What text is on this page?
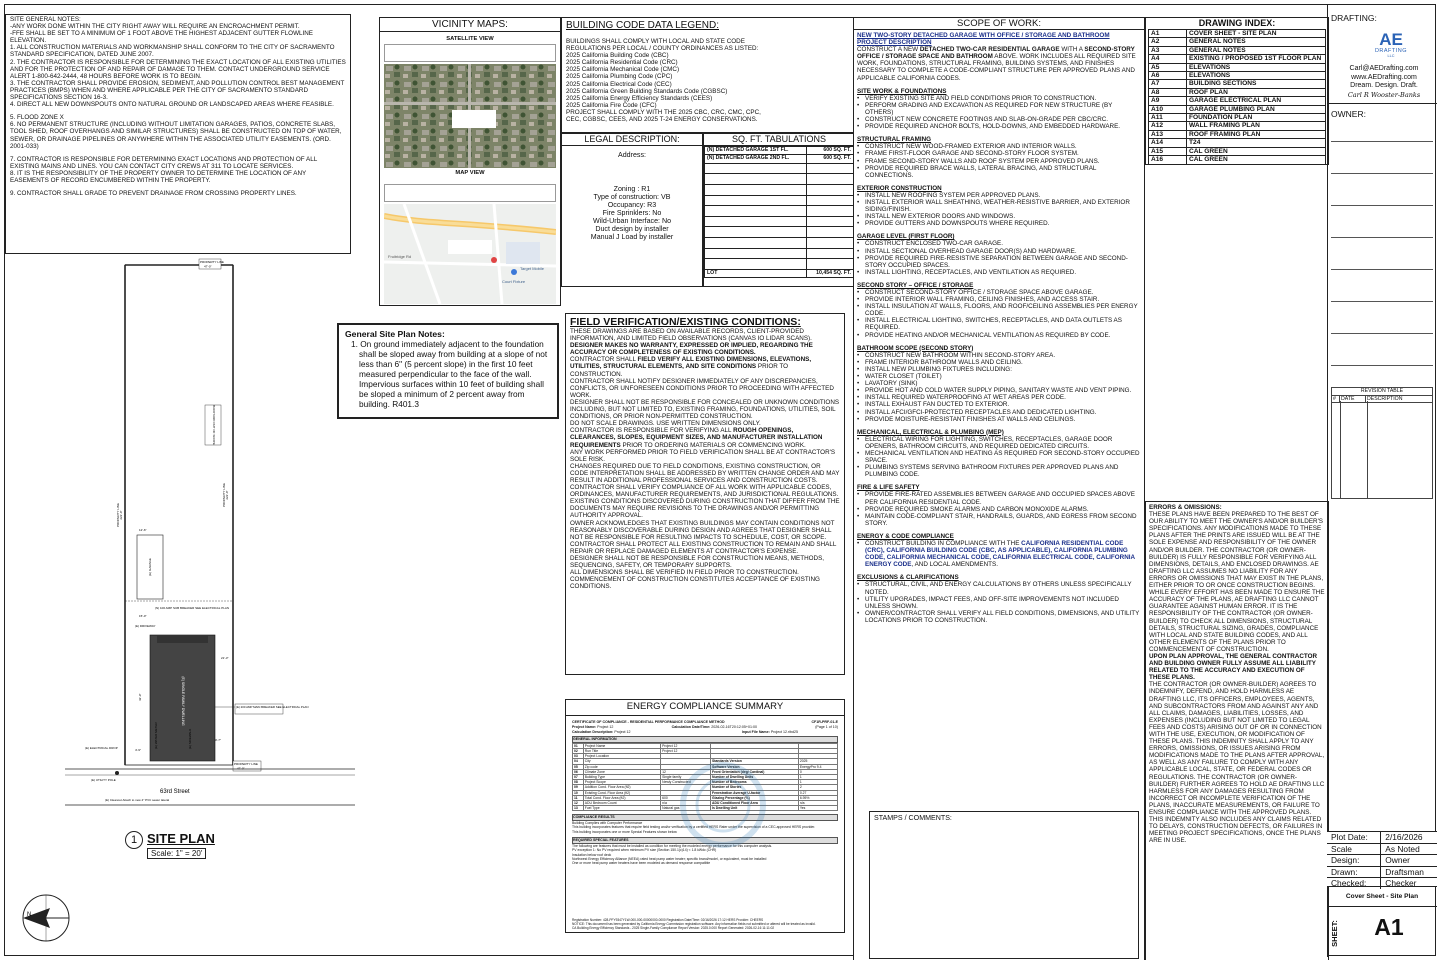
SITE GENERAL NOTES:
-ANY WORK DONE WITHIN THE CITY RIGHT AWAY WILL REQUIRE AN ENCROACHMENT PERMIT.
-FFE SHALL BE SET TO A MINIMUM OF 1 FOOT ABOVE THE HIGHEST ADJACENT GUTTER FLOWLINE ELEVATION.
1. ALL CONSTRUCTION MATERIALS AND WORKMANSHIP SHALL CONFORM TO THE CITY OF SACRAMENTO STANDARD SPECIFICATION, DATED JUNE 2007.
2. THE CONTRACTOR IS RESPONSIBLE FOR DETERMINING THE EXACT LOCATION OF ALL EXISTING UTILITIES AND FOR THE PROTECTION OF AND REPAIR OF DAMAGE TO THEM. CONTACT UNDERGROUND SERVICE ALERT 1-800-642-2444, 48 HOURS BEFORE WORK IS TO BEGIN.
3. THE CONTRACTOR SHALL PROVIDE EROSION, SEDIMENT, AND POLLUTION CONTROL BEST MANAGEMENT PRACTICES (BMPS) WHEN AND WHERE APPLICABLE PER THE CITY OF SACRAMENTO STANDARD SPECIFICATIONS SECTION 16-3.
4. DIRECT ALL NEW DOWNSPOUTS ONTO NATURAL GROUND OR LANDSCAPED AREAS WHERE FEASIBLE.
5. FLOOD ZONE X
6. NO PERMANENT STRUCTURE (INCLUDING WITHOUT LIMITATION GARAGES, PATIOS, CONCRETE SLABS, TOOL SHED, ROOF OVERHANGS AND SIMILAR STRUCTURES) SHALL BE CONSTRUCTED ON TOP OF WATER, SEWER, OR DRAINAGE PIPELINES OR ANYWHERE WITHIN THE ASSOCIATED UTILITY EASEMENTS. (ORD. 2001-033)
7. CONTRACTOR IS RESPONSIBLE FOR DETERMINING EXACT LOCATIONS AND PROTECTION OF ALL EXISTING MAINS AND LINES. YOU CAN CONTACT CITY CREWS AT 311 TO LOCATE SERVICES.
8. IT IS THE RESPONSIBILITY OF THE PROPERTY OWNER TO DETERMINE THE LOCATION OF ANY EASEMENTS OF RECORD ENCUMBERED WITHIN THE PROPERTY.
9. CONTRACTOR SHALL GRADE TO PREVENT DRAINAGE FROM CROSSING PROPERTY LINES.
VICINITY MAPS:
SATELLITE VIEW
MAP VIEW
Court Fixture
Target Mobile
Fruitridge Rd
BUILDING CODE DATA LEGEND:
BUILDINGS SHALL COMPLY WITH LOCAL AND STATE CODE
REGULATIONS PER LOCAL / COUNTY ORDINANCES AS LISTED:
2025 California Building Code (CBC)
2025 California Residential Code (CRC)
2025 California Mechanical Code (CMC)
2025 California Plumbing Code (CPC)
2025 California Electrical Code (CEC)
2025 California Green Building Standards Code (CGBSC)
2025 California Energy Efficiency Standards (CEES)
2025 California Fire Code (CFC)
PROJECT SHALL COMPLY WITH THE 2025 CBC, CRC, CMC, CPC,
CEC, CGBSC, CEES, AND 2025 T-24 ENERGY CONSERVATIONS.
LEGAL DESCRIPTION:
Address:
Zoning : R1
Type of construction: VB
Occupancy: R3
Fire Sprinklers: No
Wild-Urban Interface: No
Duct design by installer
Manual J Load by installer
SQ. FT. TABULATIONS
(N) DETACHED GARAGE 1ST FL.	600 SQ. FT.
(N) DETACHED GARAGE 2ND FL.	600 SQ. FT.

LOT	10,454 SQ. FT.
General Site Plan Notes:
1. On ground immediately adjacent to the foundation shall be sloped away from building at a slope of not less than 6" (5 percent slope) in the first 10 feet measured perpendicular to the face of the wall. Impervious surfaces within 10 feet of building shall be sloped a minimum of 2 percent away from building. R401.3
FIELD VERIFICATION/EXISTING CONDITIONS:
THESE DRAWINGS ARE BASED ON AVAILABLE RECORDS, CLIENT-PROVIDED INFORMATION, AND LIMITED FIELD OBSERVATIONS (CANVAS IO LIDAR SCANS).
DESIGNER MAKES NO WARRANTY, EXPRESSED OR IMPLIED, REGARDING THE ACCURACY OR COMPLETENESS OF EXISTING CONDITIONS.
CONTRACTOR SHALL FIELD VERIFY ALL EXISTING DIMENSIONS, ELEVATIONS, UTILITIES, STRUCTURAL ELEMENTS, AND SITE CONDITIONS PRIOR TO CONSTRUCTION.
CONTRACTOR SHALL NOTIFY DESIGNER IMMEDIATELY OF ANY DISCREPANCIES, CONFLICTS, OR UNFORESEEN CONDITIONS PRIOR TO PROCEEDING WITH AFFECTED WORK.
DESIGNER SHALL NOT BE RESPONSIBLE FOR CONCEALED OR UNKNOWN CONDITIONS INCLUDING, BUT NOT LIMITED TO, EXISTING FRAMING, FOUNDATIONS, UTILITIES, SOIL CONDITIONS, OR PRIOR NON-PERMITTED CONSTRUCTION.
DO NOT SCALE DRAWINGS. USE WRITTEN DIMENSIONS ONLY.
CONTRACTOR IS RESPONSIBLE FOR VERIFYING ALL ROUGH OPENINGS, CLEARANCES, SLOPES, EQUIPMENT SIZES, AND MANUFACTURER INSTALLATION REQUIREMENTS PRIOR TO ORDERING MATERIALS OR COMMENCING WORK.
ANY WORK PERFORMED PRIOR TO FIELD VERIFICATION SHALL BE AT CONTRACTOR'S SOLE RISK.
CHANGES REQUIRED DUE TO FIELD CONDITIONS, EXISTING CONSTRUCTION, OR CODE INTERPRETATION SHALL BE ADDRESSED BY WRITTEN CHANGE ORDER AND MAY RESULT IN ADDITIONAL PROFESSIONAL SERVICES AND CONSTRUCTION COSTS.
CONTRACTOR SHALL VERIFY COMPLIANCE OF ALL WORK WITH APPLICABLE CODES, ORDINANCES, MANUFACTURER REQUIREMENTS, AND JURISDICTIONAL REGULATIONS.
EXISTING CONDITIONS DISCOVERED DURING CONSTRUCTION THAT DIFFER FROM THE DOCUMENTS MAY REQUIRE REVISIONS TO THE DRAWINGS AND/OR PERMITTING AUTHORITY APPROVAL.
OWNER ACKNOWLEDGES THAT EXISTING BUILDINGS MAY CONTAIN CONDITIONS NOT REASONABLY DISCOVERABLE DURING DESIGN AND AGREES THAT DESIGNER SHALL NOT BE RESPONSIBLE FOR RESULTING IMPACTS TO SCHEDULE, COST, OR SCOPE.
CONTRACTOR SHALL PROTECT ALL EXISTING CONSTRUCTION TO REMAIN AND SHALL REPAIR OR REPLACE DAMAGED ELEMENTS AT CONTRACTOR'S EXPENSE.
DESIGNER SHALL NOT BE RESPONSIBLE FOR CONSTRUCTION MEANS, METHODS, SEQUENCING, SAFETY, OR TEMPORARY SUPPORTS.
ALL DIMENSIONS SHALL BE VERIFIED IN FIELD PRIOR TO CONSTRUCTION.
COMMENCEMENT OF CONSTRUCTION CONSTITUTES ACCEPTANCE OF EXISTING CONDITIONS.
ENERGY COMPLIANCE SUMMARY
CERTIFICATE OF COMPLIANCE - RESIDENTIAL PERFORMANCE COMPLIANCE METHOD	CF1R-PRF-01-E
Project Name: Project 12	Calculation Date/Time: 2026-02-16T20:12:05+01:00	(Page 1 of 10)
Calculation Description: Project 12	Input File Name: Project 12.ribd25
GENERAL INFORMATION
01	Project Name	Project 12		
02	Run Title	Project 12		
03	Project Location			
04	City		Standards Version	2025
05	Zip code		Software Version	EnergyPro 9.4
06	Climate Zone	12	Front Orientation (deg/ Cardinal)	0
07	Building Type	Single family	Number of Dwelling Units	1
08	Project Scope	Newly Constructed	Number of Bedrooms	1
09	Addition Cond. Floor Area (ft2)		Number of Stories	2
10	Existing Cond. Floor Area (ft2)		Fenestration Average U-factor	0.27
11	Total Cond. Floor Area (ft2)	600	Glazing Percentage (%)	6.95%
12	ADU Bedroom Count	n/a	ADU Conditioned Floor Area	n/a
13	Fuel Type	Natural gas	Is Dwelling Unit	Yes
COMPLIANCE RESULTS
Building Complies with Computer Performance
This building incorporates features that require field testing and/or verification by a certified HERS Rater under the supervision of a CEC-approved HERS provider.
This building incorporates one or more Special Features shown below
REQUIRED SPECIAL FEATURES
The following are features that must be installed as condition for meeting the modeled energy performance for this computer analysis.
PV exception 1: No PV required when minimum PV size (Section 150.1(c)14) < 1.8 kWdc (CHR)
Insulation below roof deck
Northwest Energy Efficiency Alliance (NEEA) rated heat pump water heater; specific brand/model, or equivalent, must be installed
One or more heat pump water heaters have been modeled as demand response compatible
Registration Number: 428-PFY9347Y1W-000-000-00000000-0000 Registration Date/Time: 02/16/2026 17:12 HERS Provider: CHEERS
NOTICE: This document has been generated by California Energy Commission registration software. Any information fields not submitted or altered will be treated as invalid.
CA Building Energy Efficiency Standards - 2025 Single-Family Compliance Report Version: 2025.0.000 Report Generated: 2026-02-16 11:11:02
SCOPE OF WORK:
NEW TWO-STORY DETACHED GARAGE WITH OFFICE / STORAGE AND BATHROOM PROJECT DESCRIPTION
CONSTRUCT A NEW DETACHED TWO-CAR RESIDENTIAL GARAGE WITH A SECOND-STORY OFFICE / STORAGE SPACE AND BATHROOM ABOVE. WORK INCLUDES ALL REQUIRED SITE WORK, FOUNDATIONS, STRUCTURAL FRAMING, BUILDING SYSTEMS, AND FINISHES NECESSARY TO COMPLETE A CODE-COMPLIANT STRUCTURE PER APPROVED PLANS AND APPLICABLE CALIFORNIA CODES.
SITE WORK & FOUNDATIONS
• VERIFY EXISTING SITE AND FIELD CONDITIONS PRIOR TO CONSTRUCTION.
• PERFORM GRADING AND EXCAVATION AS REQUIRED FOR NEW STRUCTURE (BY OTHERS)
• CONSTRUCT NEW CONCRETE FOOTINGS AND SLAB-ON-GRADE PER CBC/CRC.
• PROVIDE REQUIRED ANCHOR BOLTS, HOLD-DOWNS, AND EMBEDDED HARDWARE.
STRUCTURAL FRAMING
• CONSTRUCT NEW WOOD-FRAMED EXTERIOR AND INTERIOR WALLS.
• FRAME FIRST-FLOOR GARAGE AND SECOND-STORY FLOOR SYSTEM.
• FRAME SECOND-STORY WALLS AND ROOF SYSTEM PER APPROVED PLANS.
• PROVIDE REQUIRED BRACE WALLS, LATERAL BRACING, AND STRUCTURAL CONNECTIONS.
EXTERIOR CONSTRUCTION
• INSTALL NEW ROOFING SYSTEM PER APPROVED PLANS.
• INSTALL EXTERIOR WALL SHEATHING, WEATHER-RESISTIVE BARRIER, AND EXTERIOR SIDING/FINISH.
• INSTALL NEW EXTERIOR DOORS AND WINDOWS.
• PROVIDE GUTTERS AND DOWNSPOUTS WHERE REQUIRED.
GARAGE LEVEL (FIRST FLOOR)
• CONSTRUCT ENCLOSED TWO-CAR GARAGE.
• INSTALL SECTIONAL OVERHEAD GARAGE DOOR(S) AND HARDWARE.
• PROVIDE REQUIRED FIRE-RESISTIVE SEPARATION BETWEEN GARAGE AND SECOND-STORY OCCUPIED SPACES.
• INSTALL LIGHTING, RECEPTACLES, AND VENTILATION AS REQUIRED.
SECOND STORY – OFFICE / STORAGE
• CONSTRUCT SECOND-STORY OFFICE / STORAGE SPACE ABOVE GARAGE.
• PROVIDE INTERIOR WALL FRAMING, CEILING FINISHES, AND ACCESS STAIR.
• INSTALL INSULATION AT WALLS, FLOORS, AND ROOF/CEILING ASSEMBLIES PER ENERGY CODE.
• INSTALL ELECTRICAL LIGHTING, SWITCHES, RECEPTACLES, AND DATA OUTLETS AS REQUIRED.
• PROVIDE HEATING AND/OR MECHANICAL VENTILATION AS REQUIRED BY CODE.
BATHROOM SCOPE (SECOND STORY)
• CONSTRUCT NEW BATHROOM WITHIN SECOND-STORY AREA.
• FRAME INTERIOR BATHROOM WALLS AND CEILING.
• INSTALL NEW PLUMBING FIXTURES INCLUDING:
• WATER CLOSET (TOILET)
• LAVATORY (SINK)
• PROVIDE HOT AND COLD WATER SUPPLY PIPING, SANITARY WASTE AND VENT PIPING.
• INSTALL REQUIRED WATERPROOFING AT WET AREAS PER CODE.
• INSTALL EXHAUST FAN DUCTED TO EXTERIOR.
• INSTALL AFCI/GFCI-PROTECTED RECEPTACLES AND DEDICATED LIGHTING.
• PROVIDE MOISTURE-RESISTANT FINISHES AT WALLS AND CEILINGS.
MECHANICAL, ELECTRICAL & PLUMBING (MEP)
• ELECTRICAL WIRING FOR LIGHTING, SWITCHES, RECEPTACLES, GARAGE DOOR OPENERS, BATHROOM CIRCUITS, AND REQUIRED DEDICATED CIRCUITS.
• MECHANICAL VENTILATION AND HEATING AS REQUIRED FOR SECOND-STORY OCCUPIED SPACE.
• PLUMBING SYSTEMS SERVING BATHROOM FIXTURES PER APPROVED PLANS AND PLUMBING CODE.
FIRE & LIFE SAFETY
• PROVIDE FIRE-RATED ASSEMBLIES BETWEEN GARAGE AND OCCUPIED SPACES ABOVE PER CALIFORNIA RESIDENTIAL CODE.
• PROVIDE REQUIRED SMOKE ALARMS AND CARBON MONOXIDE ALARMS.
• MAINTAIN CODE-COMPLIANT STAIR, HANDRAILS, GUARDS, AND EGRESS FROM SECOND STORY.
ENERGY & CODE COMPLIANCE
• CONSTRUCT BUILDING IN COMPLIANCE WITH THE CALIFORNIA RESIDENTIAL CODE (CRC), CALIFORNIA BUILDING CODE (CBC, AS APPLICABLE), CALIFORNIA PLUMBING CODE, CALIFORNIA MECHANICAL CODE, CALIFORNIA ELECTRICAL CODE, CALIFORNIA ENERGY CODE, AND LOCAL AMENDMENTS.
EXCLUSIONS & CLARIFICATIONS
• STRUCTURAL, CIVIL, AND ENERGY CALCULATIONS BY OTHERS UNLESS SPECIFICALLY NOTED.
• UTILITY UPGRADES, IMPACT FEES, AND OFF-SITE IMPROVEMENTS NOT INCLUDED UNLESS SHOWN.
• OWNER/CONTRACTOR SHALL VERIFY ALL FIELD CONDITIONS, DIMENSIONS, AND UTILITY LOCATIONS PRIOR TO CONSTRUCTION.
STAMPS / COMMENTS:
DRAWING INDEX:
A1	COVER SHEET - SITE PLAN
A2	GENERAL NOTES
A3	GENERAL NOTES
A4	EXISTING / PROPOSED 1ST FLOOR PLAN
A5	ELEVATIONS
A6	ELEVATIONS
A7	BUILDING SECTIONS
A8	ROOF PLAN
A9	GARAGE ELECTRICAL PLAN
A10	GARAGE PLUMBING PLAN
A11	FOUNDATION PLAN
A12	WALL FRAMING PLAN
A13	ROOF FRAMING PLAN
A14	T24
A15	CAL GREEN
A16	CAL GREEN
ERRORS & OMISSIONS:
THESE PLANS HAVE BEEN PREPARED TO THE BEST OF OUR ABILITY TO MEET THE OWNER'S AND/OR BUILDER'S SPECIFICATIONS. ANY MODIFICATIONS MADE TO THESE PLANS AFTER THE PRINTS ARE ISSUED WILL BE AT THE SOLE EXPENSE AND RESPONSIBILITY OF THE OWNER AND/OR BUILDER. THE CONTRACTOR (OR OWNER-BUILDER) IS FULLY RESPONSIBLE FOR VERIFYING ALL DIMENSIONS, DETAILS, AND ENCLOSED DRAWINGS. AE DRAFTING LLC ASSUMES NO LIABILITY FOR ANY ERRORS OR OMISSIONS THAT MAY EXIST IN THE PLANS, EITHER PRIOR TO OR ONCE CONSTRUCTION BEGINS. WHILE EVERY EFFORT HAS BEEN MADE TO ENSURE THE ACCURACY OF THE PLANS, AE DRAFTING LLC CANNOT GUARANTEE AGAINST HUMAN ERROR. IT IS THE RESPONSIBILITY OF THE CONTRACTOR (OR OWNER-BUILDER) TO CHECK ALL DIMENSIONS, STRUCTURAL DETAILS, STRUCTURAL SIZING, GRADES, COMPLIANCE WITH LOCAL AND STATE BUILDING CODES, AND ALL OTHER ELEMENTS OF THE PLANS PRIOR TO COMMENCEMENT OF CONSTRUCTION.
UPON PLAN APPROVAL, THE GENERAL CONTRACTOR AND BUILDING OWNER FULLY ASSUME ALL LIABILITY RELATED TO THE ACCURACY AND EXECUTION OF THESE PLANS.
THE CONTRACTOR (OR OWNER-BUILDER) AGREES TO INDEMNIFY, DEFEND, AND HOLD HARMLESS AE DRAFTING LLC, ITS OFFICERS, EMPLOYEES, AGENTS, AND SUBCONTRACTORS FROM AND AGAINST ANY AND ALL CLAIMS, DAMAGES, LIABILITIES, LOSSES, AND EXPENSES (INCLUDING BUT NOT LIMITED TO LEGAL FEES AND COSTS) ARISING OUT OF OR IN CONNECTION WITH THE USE, EXECUTION, OR MODIFICATION OF THESE PLANS. THIS INDEMNITY SHALL APPLY TO ANY ERRORS, OMISSIONS, OR ISSUES ARISING FROM MODIFICATIONS MADE TO THE PLANS AFTER APPROVAL, AS WELL AS ANY FAILURE TO COMPLY WITH ANY APPLICABLE LOCAL, STATE, OR FEDERAL CODES OR REGULATIONS. THE CONTRACTOR (OR OWNER-BUILDER) FURTHER AGREES TO HOLD AE DRAFTING LLC HARMLESS FOR ANY DAMAGES RESULTING FROM INCORRECT OR INCOMPLETE VERIFICATION OF THE PLANS, INACCURATE MEASUREMENTS, OR FAILURE TO ENSURE COMPLIANCE WITH THE APPROVED PLANS. THIS INDEMNITY ALSO INCLUDES ANY CLAIMS RELATED TO DELAYS, CONSTRUCTION DEFECTS, OR FAILURES IN MEETING PROJECT SPECIFICATIONS, ONCE THE PLANS ARE IN USE.
DRAFTING:
AE
DRAFTING
LLC
Carl@AEDrafting.com
www.AEDrafting.com
Dream. Design. Draft.
Carl R Wooster-Banks
OWNER:
REVISION TABLE
# DATE	DESCRIPTION
Plot Date:	2/16/2026
Scale	As Noted
Design:	Owner
Drawn:	Draftsman
Checked:	Checker
Cover Sheet - Site Plan
SHEET:	A1
PROPERTY LINE
47'-0"
BACKYARD OUT OF SCOPE
PROPERTY LINE 222'-0"
PROPERTY LINE 222'-0"
(E) GARAGE
12'-6"
(N) 100 AMP SUB BREAKER SEE ELECTRICAL PLAN
15'-0"
(E) DRIVEWAY
(E) SINGLE FAMILY DWELLING
21'-3"
42'-9"
(E) 200 AMP MAIN BREAKER SEE ELECTRICAL PLAN
(E) ELECTRICAL DROP	(E) SIDEWALK
(E) WATER METER	9'-7"
PROPERTY LINE
47'-0"
63rd Street
(E) UTILITY POLE
(E) Cleanout Attach to new 4" PVC sewer lateral
4'-9"
1 SITE PLAN
Scale: 1" = 20'
N
